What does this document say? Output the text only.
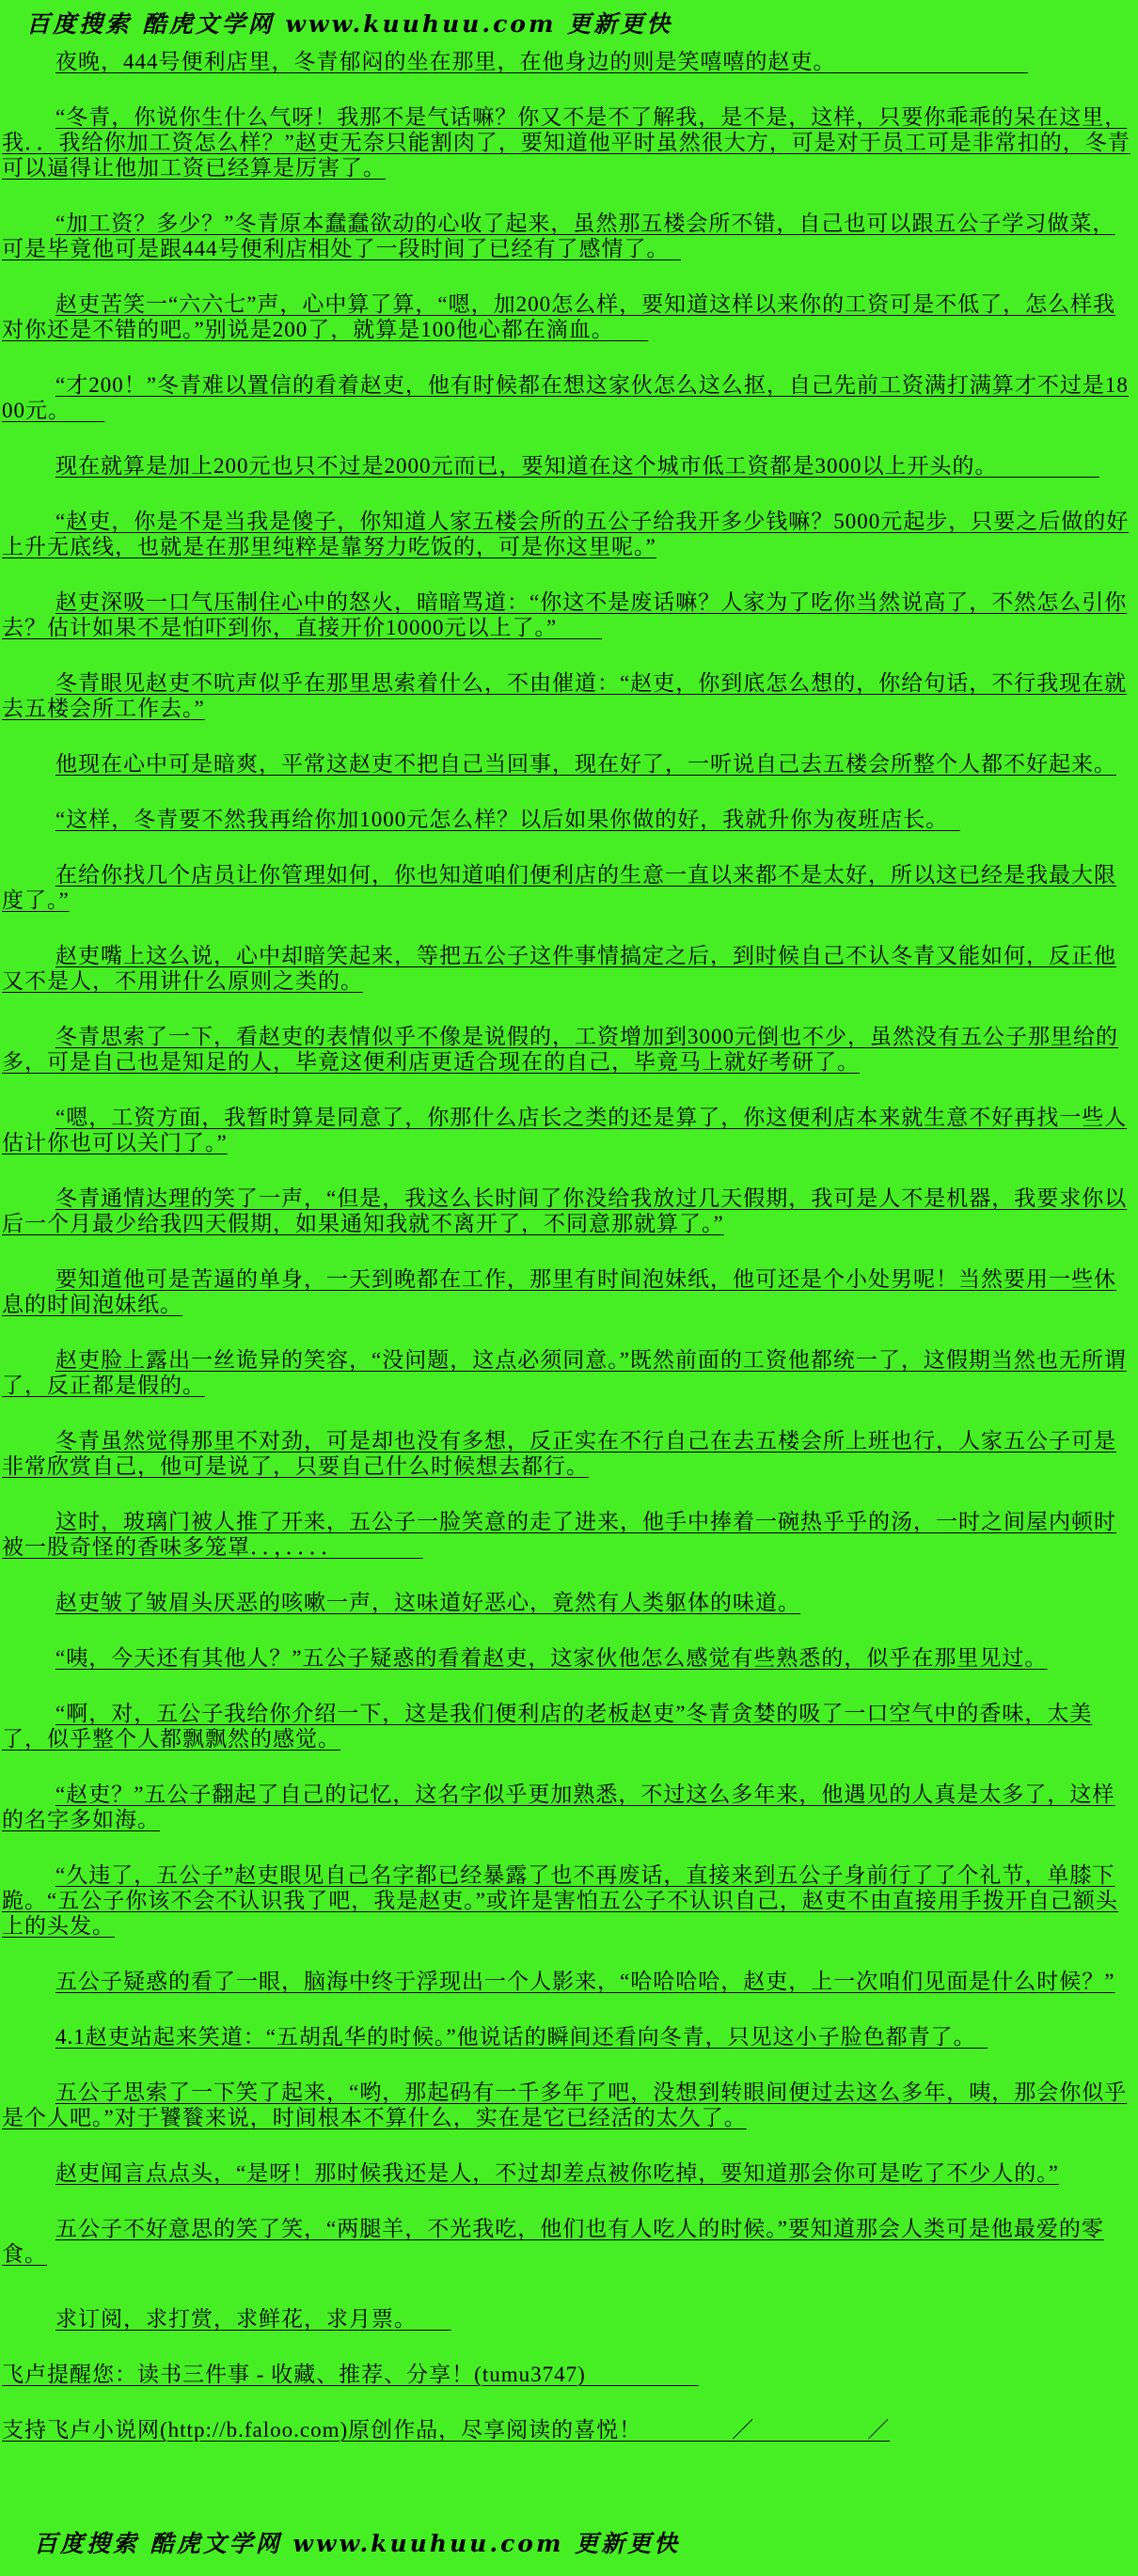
百度搜索 酷虎文学网 www.kuuhuu.com 更新更快

夜晚，444号便利店里，冬青郁闷的坐在那里，在他身边的则是笑嘻嘻的赵吏。　　　　　　　　　

“冬青，你说你生什么气呀！我那不是气话嘛？你又不是不了解我，是不是，这样，只要你乖乖的呆在这里，我．．我给你加工资怎么样？”赵吏无奈只能割肉了，要知道他平时虽然很大方，可是对于员工可是非常扣的，冬青可以逼得让他加工资已经算是厉害了。

“加工资？多少？”冬青原本蠢蠢欲动的心收了起来，虽然那五楼会所不错，自己也可以跟五公子学习做菜，可是毕竟他可是跟444号便利店相处了一段时间了已经有了感情了。　

赵吏苦笑一“六六七”声，心中算了算，“嗯，加200怎么样，要知道这样以来你的工资可是不低了，怎么样我对你还是不错的吧。”别说是200了，就算是100他心都在滴血。　　

“才200！”冬青难以置信的看着赵吏，他有时候都在想这家伙怎么这么抠，自己先前工资满打满算才不过是1800元。　　

现在就算是加上200元也只不过是2000元而已，要知道在这个城市低工资都是3000以上开头的。　　　　　

“赵吏，你是不是当我是傻子，你知道人家五楼会所的五公子给我开多少钱嘛？5000元起步，只要之后做的好上升无底线，也就是在那里纯粹是靠努力吃饭的，可是你这里呢。”

赵吏深吸一口气压制住心中的怒火，暗暗骂道：“你这不是废话嘛？人家为了吃你当然说高了，不然怎么引你去？估计如果不是怕吓到你，直接开价10000元以上了。”　　

冬青眼见赵吏不吭声似乎在那里思索着什么，不由催道：“赵吏，你到底怎么想的，你给句话，不行我现在就去五楼会所工作去。”

他现在心中可是暗爽，平常这赵吏不把自己当回事，现在好了，一听说自己去五楼会所整个人都不好起来。

“这样，冬青要不然我再给你加1000元怎么样？以后如果你做的好，我就升你为夜班店长。　

在给你找几个店员让你管理如何，你也知道咱们便利店的生意一直以来都不是太好，所以这已经是我最大限度了。”

赵吏嘴上这么说，心中却暗笑起来，等把五公子这件事情搞定之后，到时候自己不认冬青又能如何，反正他又不是人，不用讲什么原则之类的。

冬青思索了一下，看赵吏的表情似乎不像是说假的，工资增加到3000元倒也不少，虽然没有五公子那里给的多，可是自己也是知足的人，毕竟这便利店更适合现在的自己，毕竟马上就好考研了。

“嗯，工资方面，我暂时算是同意了，你那什么店长之类的还是算了，你这便利店本来就生意不好再找一些人估计你也可以关门了。”

冬青通情达理的笑了一声，“但是，我这么长时间了你没给我放过几天假期，我可是人不是机器，我要求你以后一个月最少给我四天假期，如果通知我就不离开了，不同意那就算了。”

要知道他可是苦逼的单身，一天到晚都在工作，那里有时间泡妹纸，他可还是个小处男呢！当然要用一些休息的时间泡妹纸。

赵吏脸上露出一丝诡异的笑容，“没问题，这点必须同意。”既然前面的工资他都统一了，这假期当然也无所谓了，反正都是假的。

冬青虽然觉得那里不对劲，可是却也没有多想，反正实在不行自己在去五楼会所上班也行，人家五公子可是非常欣赏自己，他可是说了，只要自己什么时候想去都行。

这时，玻璃门被人推了开来，五公子一脸笑意的走了进来，他手中捧着一碗热乎乎的汤，一时之间屋内顿时被一股奇怪的香味多笼罩．．，．．．．　　　　

赵吏皱了皱眉头厌恶的咳嗽一声，这味道好恶心，竟然有人类躯体的味道。

“咦，今天还有其他人？”五公子疑惑的看着赵吏，这家伙他怎么感觉有些熟悉的，似乎在那里见过。

“啊，对，五公子我给你介绍一下，这是我们便利店的老板赵吏”冬青贪婪的吸了一口空气中的香味，太美了，似乎整个人都飘飘然的感觉。

“赵吏？”五公子翻起了自己的记忆，这名字似乎更加熟悉，不过这么多年来，他遇见的人真是太多了，这样的名字多如海。

“久违了，五公子”赵吏眼见自己名字都已经暴露了也不再废话，直接来到五公子身前行了了个礼节，单膝下跪。“五公子你该不会不认识我了吧，我是赵吏。”或许是害怕五公子不认识自己，赵吏不由直接用手拨开自己额头上的头发。

五公子疑惑的看了一眼，脑海中终于浮现出一个人影来，“哈哈哈哈，赵吏，上一次咱们见面是什么时候？”

4.1赵吏站起来笑道：“五胡乱华的时候。”他说话的瞬间还看向冬青，只见这小子脸色都青了。　

五公子思索了一下笑了起来，“哟，那起码有一千多年了吧，没想到转眼间便过去这么多年，咦，那会你似乎是个人吧。”对于饕餮来说，时间根本不算什么，实在是它已经活的太久了。

赵吏闻言点点头，“是呀！那时候我还是人，不过却差点被你吃掉，要知道那会你可是吃了不少人的。”

五公子不好意思的笑了笑，“两腿羊，不光我吃，他们也有人吃人的时候。”要知道那会人类可是他最爱的零食。

求订阅，求打赏，求鲜花，求月票。　　

飞卢提醒您：读书三件事 - 收藏、推荐、分享！(tumu3747)　　　　　

支持飞卢小说网(http://b.faloo.com)原创作品，尽享阅读的喜悦！　　　　／　　　　　／

百度搜索 酷虎文学网 www.kuuhuu.com 更新更快
